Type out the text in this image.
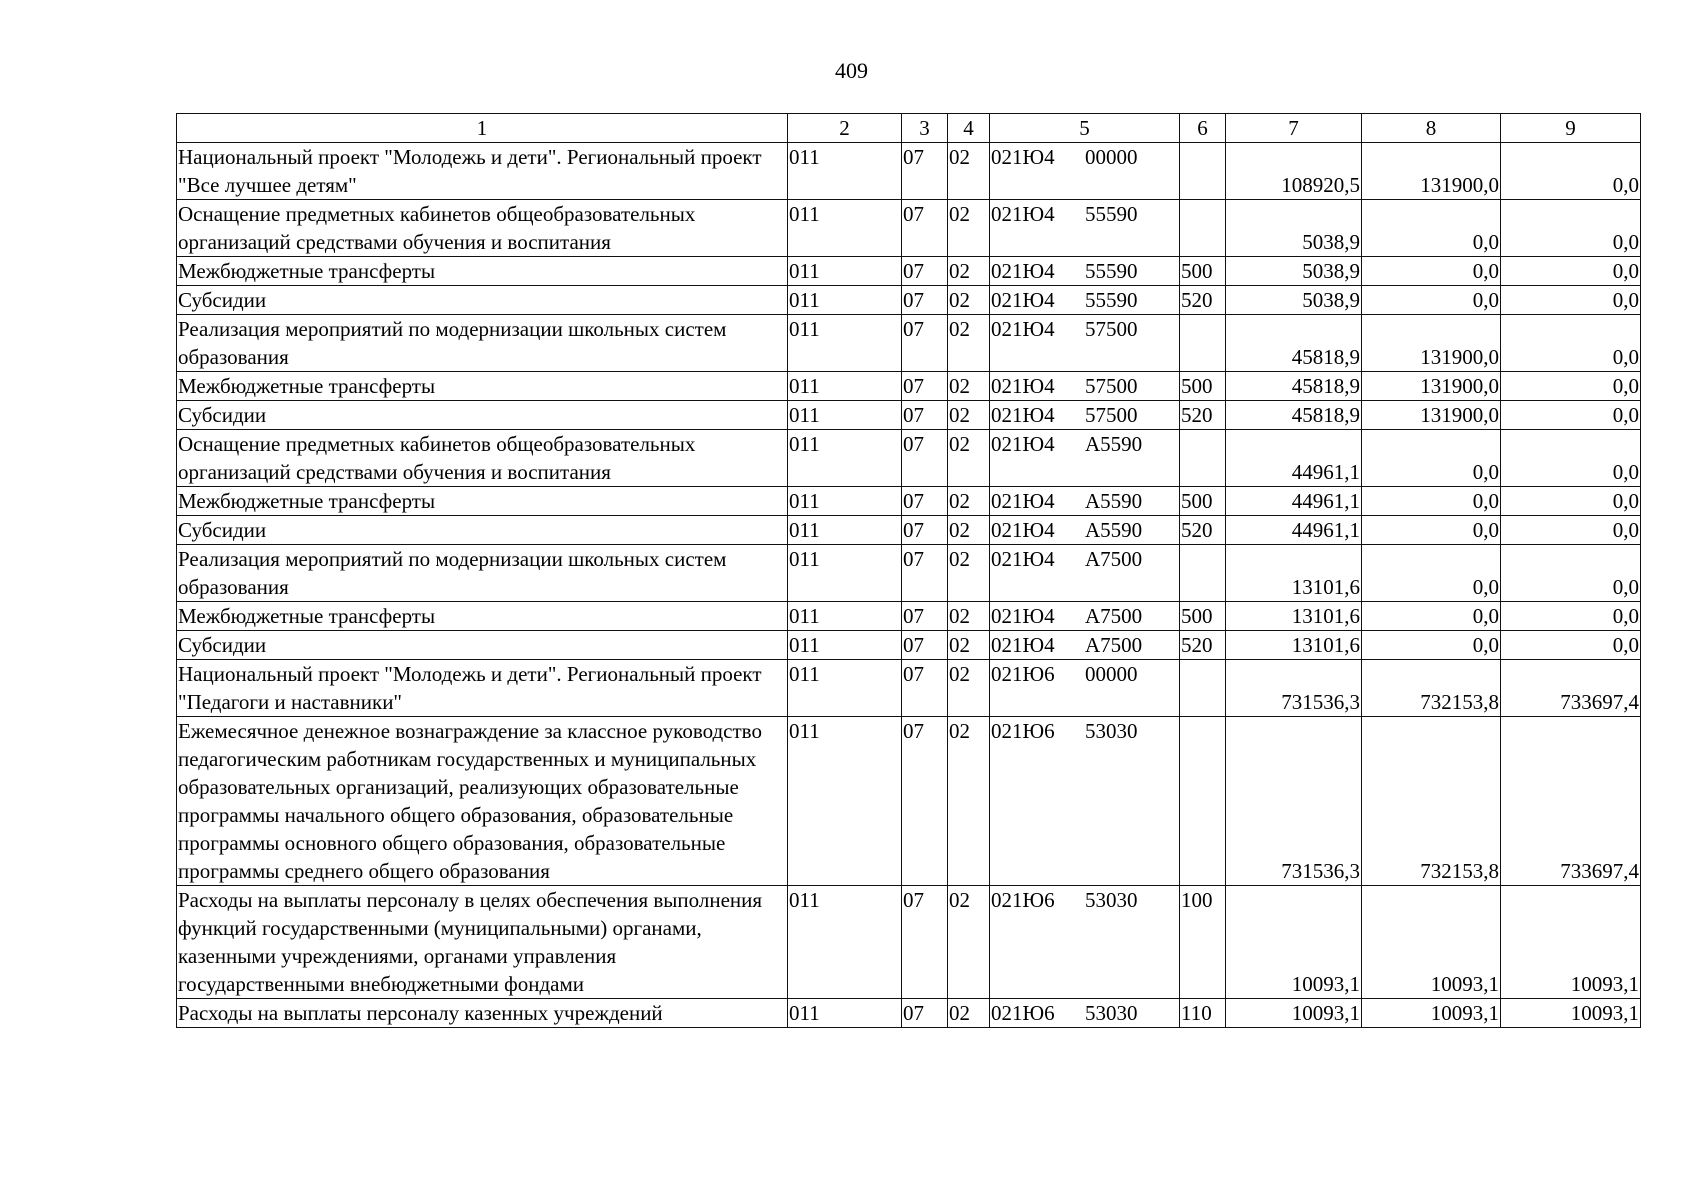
409
1	2	3	4	5	6	7	8	9
Национальный проект "Молодежь и дети". Региональный проект "Все лучшее детям"	011	07	02	021Ю4 00000		108920,5	131900,0	0,0
Оснащение предметных кабинетов общеобразовательных организаций средствами обучения и воспитания	011	07	02	021Ю4 55590		5038,9	0,0	0,0
Межбюджетные трансферты	011	07	02	021Ю4 55590	500	5038,9	0,0	0,0
Субсидии	011	07	02	021Ю4 55590	520	5038,9	0,0	0,0
Реализация мероприятий по модернизации школьных систем образования	011	07	02	021Ю4 57500		45818,9	131900,0	0,0
Межбюджетные трансферты	011	07	02	021Ю4 57500	500	45818,9	131900,0	0,0
Субсидии	011	07	02	021Ю4 57500	520	45818,9	131900,0	0,0
Оснащение предметных кабинетов общеобразовательных организаций средствами обучения и воспитания	011	07	02	021Ю4 А5590		44961,1	0,0	0,0
Межбюджетные трансферты	011	07	02	021Ю4 А5590	500	44961,1	0,0	0,0
Субсидии	011	07	02	021Ю4 А5590	520	44961,1	0,0	0,0
Реализация мероприятий по модернизации школьных систем образования	011	07	02	021Ю4 А7500		13101,6	0,0	0,0
Межбюджетные трансферты	011	07	02	021Ю4 А7500	500	13101,6	0,0	0,0
Субсидии	011	07	02	021Ю4 А7500	520	13101,6	0,0	0,0
Национальный проект "Молодежь и дети". Региональный проект "Педагоги и наставники"	011	07	02	021Ю6 00000		731536,3	732153,8	733697,4
Ежемесячное денежное вознаграждение за классное руководство педагогическим работникам государственных и муниципальных образовательных организаций, реализующих образовательные программы начального общего образования, образовательные программы основного общего образования, образовательные программы среднего общего образования	011	07	02	021Ю6 53030		731536,3	732153,8	733697,4
Расходы на выплаты персоналу в целях обеспечения выполнения функций государственными (муниципальными) органами, казенными учреждениями, органами управления государственными внебюджетными фондами	011	07	02	021Ю6 53030	100	10093,1	10093,1	10093,1
Расходы на выплаты персоналу казенных учреждений	011	07	02	021Ю6 53030	110	10093,1	10093,1	10093,1
